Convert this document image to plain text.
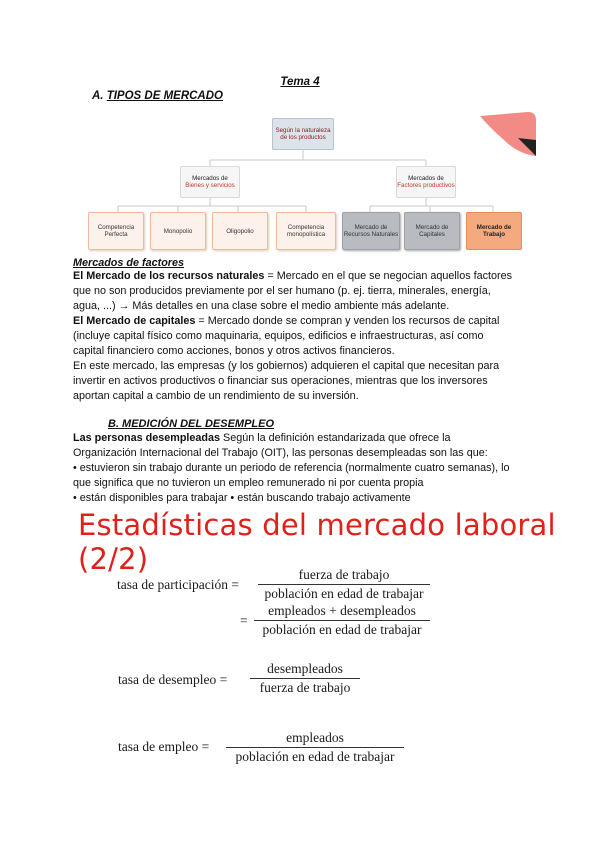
Tema 4
A. TIPOS DE MERCADO
Según la naturaleza de los productos
Mercados de
Bienes y servicios
Mercados de
Factores productivos
Competencia Perfecta	Monopolio	Oligopolio	Competencia monopolística
Mercado de Recursos Naturales
Mercado de Capitales
Mercado de Trabajo
Mercados de factores
El Mercado de los recursos naturales = Mercado en el que se negocian aquellos factores
que no son producidos previamente por el ser humano (p. ej. tierra, minerales, energía,
agua, ...) → Más detalles en una clase sobre el medio ambiente más adelante.
El Mercado de capitales = Mercado donde se compran y venden los recursos de capital
(incluye capital físico como maquinaria, equipos, edificios e infraestructuras, así como
capital financiero como acciones, bonos y otros activos financieros.
En este mercado, las empresas (y los gobiernos) adquieren el capital que necesitan para
invertir en activos productivos o financiar sus operaciones, mientras que los inversores
aportan capital a cambio de un rendimiento de su inversión.
B. MEDICIÓN DEL DESEMPLEO
Las personas desempleadas Según la definición estandarizada que ofrece la
Organización Internacional del Trabajo (OIT), las personas desempleadas son las que:
• estuvieron sin trabajo durante un periodo de referencia (normalmente cuatro semanas), lo
que significa que no tuvieron un empleo remunerado ni por cuenta propia
• están disponibles para trabajar • están buscando trabajo activamente
Estadísticas del mercado laboral (2/2)
tasa de participación =
fuerza de trabajo
población en edad de trabajar
=
empleados + desempleados
población en edad de trabajar
tasa de desempleo =
desempleados
fuerza de trabajo
tasa de empleo =
empleados
población en edad de trabajar
